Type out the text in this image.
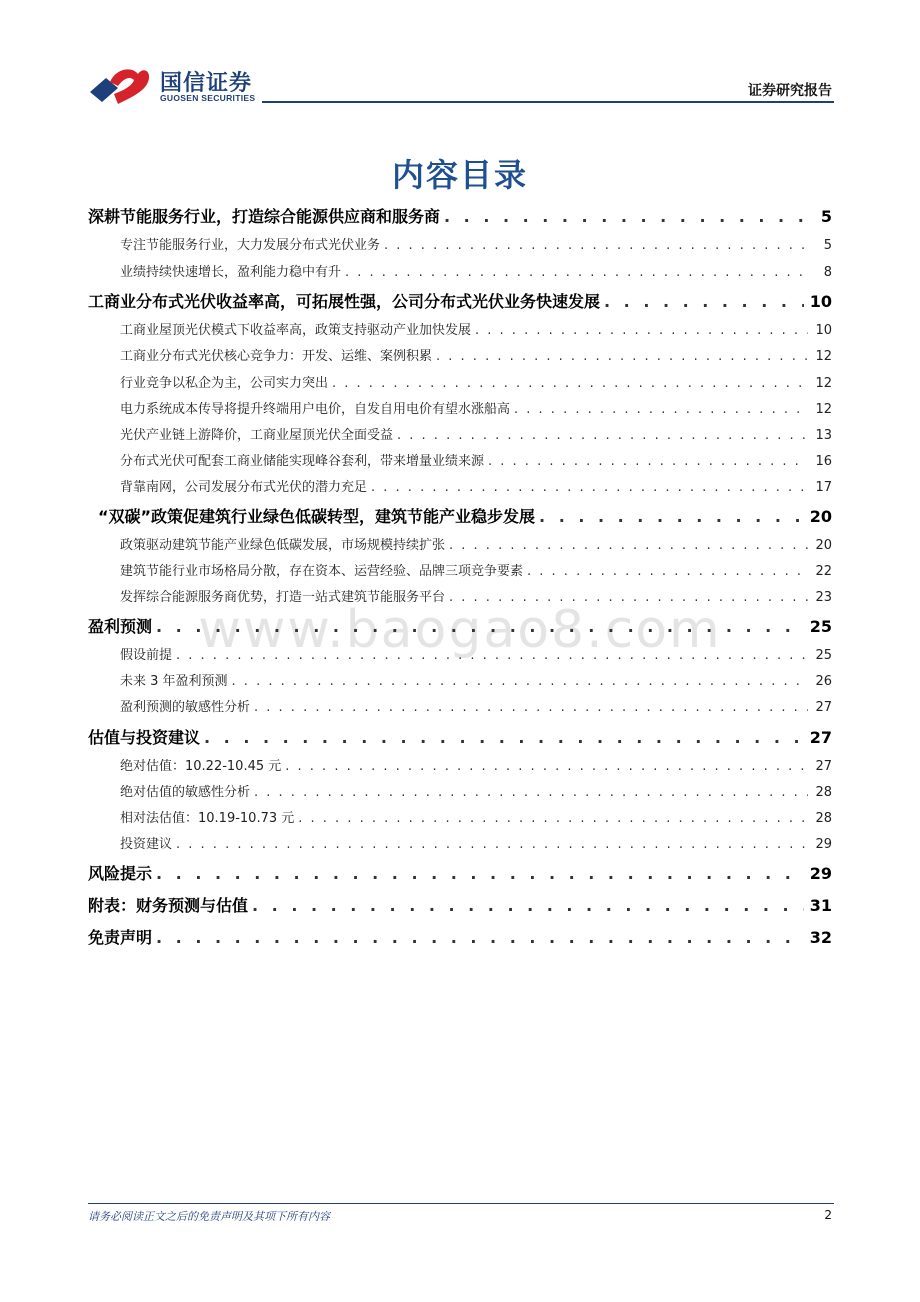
国信证券
GUOSEN SECURITIES	证券研究报告
内容目录
www.baogao8.com
深耕节能服务行业，打造综合能源供应商和服务商 . . .	5
专注节能服务行业，大力发展分布式光伏业务 . . .	5
业绩持续快速增长，盈利能力稳中有升 . . .	8
工商业分布式光伏收益率高，可拓展性强，公司分布式光伏业务快速发展 . . .	10
工商业屋顶光伏模式下收益率高，政策支持驱动产业加快发展 . . .	10
工商业分布式光伏核心竞争力：开发、运维、案例积累 . . .	12
行业竞争以私企为主，公司实力突出 . . .	12
电力系统成本传导将提升终端用户电价，自发自用电价有望水涨船高 . . .	12
光伏产业链上游降价，工商业屋顶光伏全面受益 . . .	13
分布式光伏可配套工商业储能实现峰谷套利，带来增量业绩来源 . . .	16
背靠南网，公司发展分布式光伏的潜力充足 . . .	17
“双碳”政策促建筑行业绿色低碳转型，建筑节能产业稳步发展 . . .	20
政策驱动建筑节能产业绿色低碳发展，市场规模持续扩张 . . .	20
建筑节能行业市场格局分散，存在资本、运营经验、品牌三项竞争要素 . . .	22
发挥综合能源服务商优势，打造一站式建筑节能服务平台 . . .	23
盈利预测 . . .	25
假设前提 . . .	25
未来 3 年盈利预测 . . .	26
盈利预测的敏感性分析 . . .	27
估值与投资建议 . . .	27
绝对估值：10.22-10.45 元 . . .	27
绝对估值的敏感性分析 . . .	28
相对法估值：10.19-10.73 元 . . .	28
投资建议 . . .	29
风险提示 . . .	29
附表：财务预测与估值 . . .	31
免责声明 . . .	32
请务必阅读正文之后的免责声明及其项下所有内容	2
